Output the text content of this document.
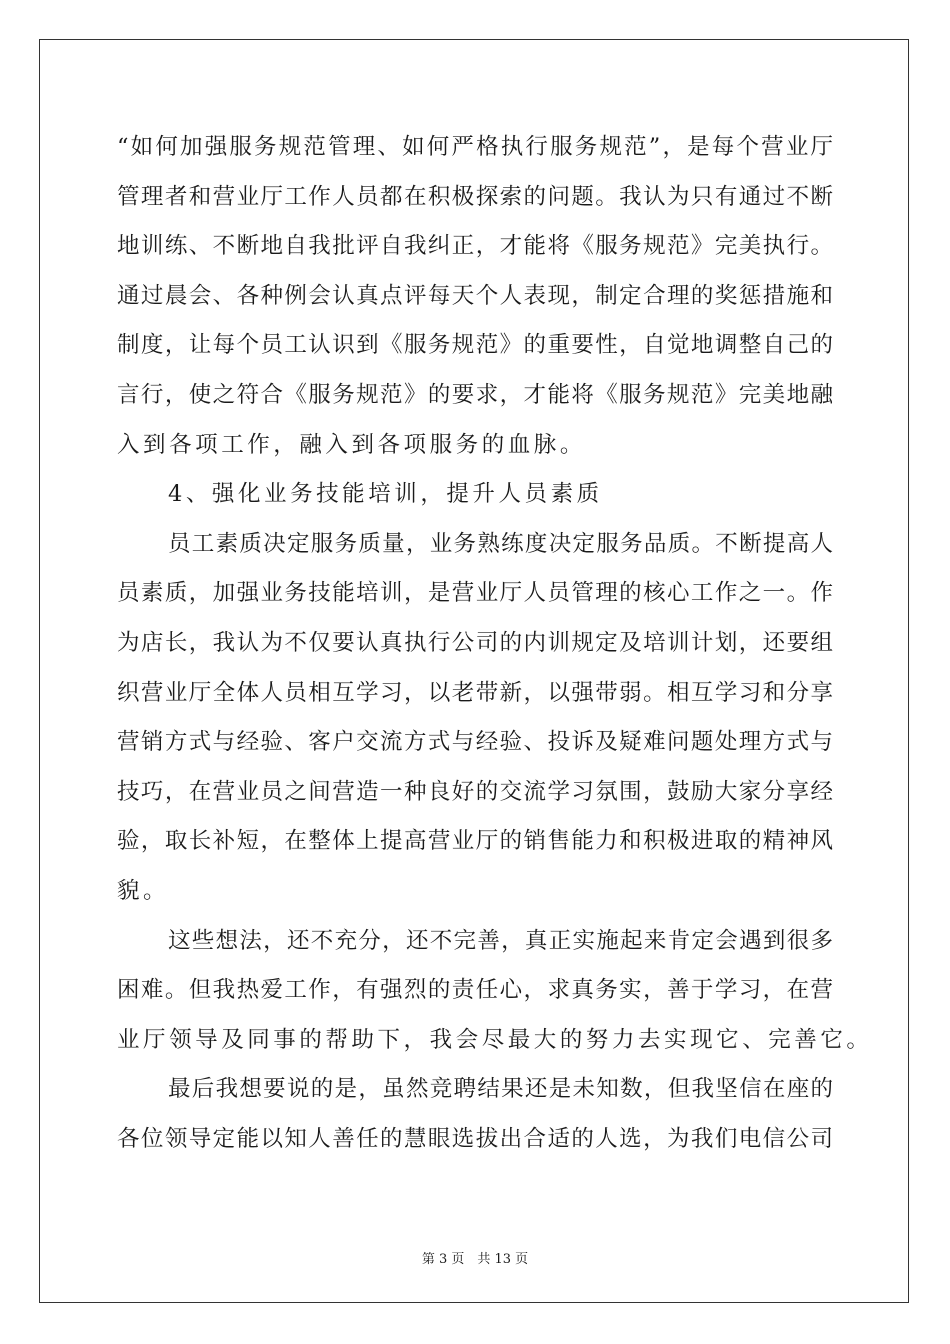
“如何加强服务规范管理、如何严格执行服务规范”，是每个营业厅
管理者和营业厅工作人员都在积极探索的问题。我认为只有通过不断
地训练、不断地自我批评自我纠正，才能将《服务规范》完美执行。
通过晨会、各种例会认真点评每天个人表现，制定合理的奖惩措施和
制度，让每个员工认识到《服务规范》的重要性，自觉地调整自己的
言行，使之符合《服务规范》的要求，才能将《服务规范》完美地融
入到各项工作，融入到各项服务的血脉。
4、强化业务技能培训，提升人员素质
员工素质决定服务质量，业务熟练度决定服务品质。不断提高人
员素质，加强业务技能培训，是营业厅人员管理的核心工作之一。作
为店长，我认为不仅要认真执行公司的内训规定及培训计划，还要组
织营业厅全体人员相互学习，以老带新，以强带弱。相互学习和分享
营销方式与经验、客户交流方式与经验、投诉及疑难问题处理方式与
技巧，在营业员之间营造一种良好的交流学习氛围，鼓励大家分享经
验，取长补短，在整体上提高营业厅的销售能力和积极进取的精神风
貌。
这些想法，还不充分，还不完善，真正实施起来肯定会遇到很多
困难。但我热爱工作，有强烈的责任心，求真务实，善于学习，在营
业厅领导及同事的帮助下，我会尽最大的努力去实现它、完善它。
最后我想要说的是，虽然竞聘结果还是未知数，但我坚信在座的
各位领导定能以知人善任的慧眼选拔出合适的人选，为我们电信公司
第 3 页　共 13 页
